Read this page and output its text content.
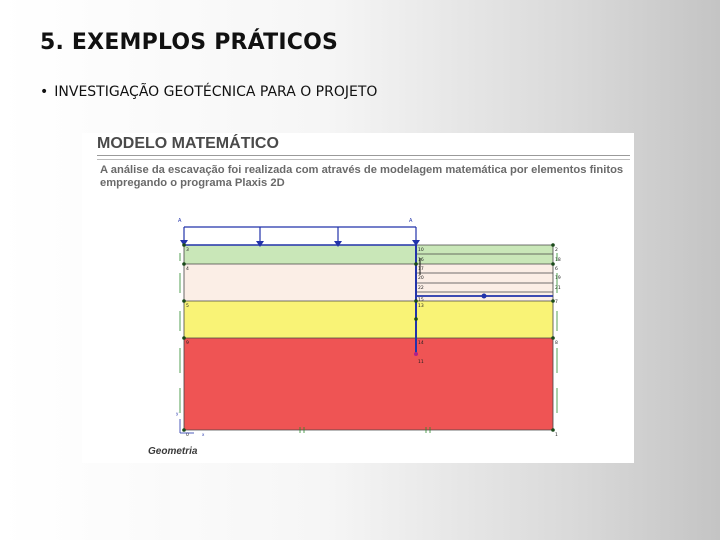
5. EXEMPLOS PRÁTICOS
• INVESTIGAÇÃO GEOTÉCNICA PARA O PROJETO
MODELO MATEMÁTICO
A análise da escavação foi realizada com através de modelagem matemática por elementos finitos empregando o programa Plaxis 2D
A	A
3
4
5
9
0
10
16
17
20
22
15
13
14
11
2
18
6
19
21
7
8
1
y
x
Geometria
